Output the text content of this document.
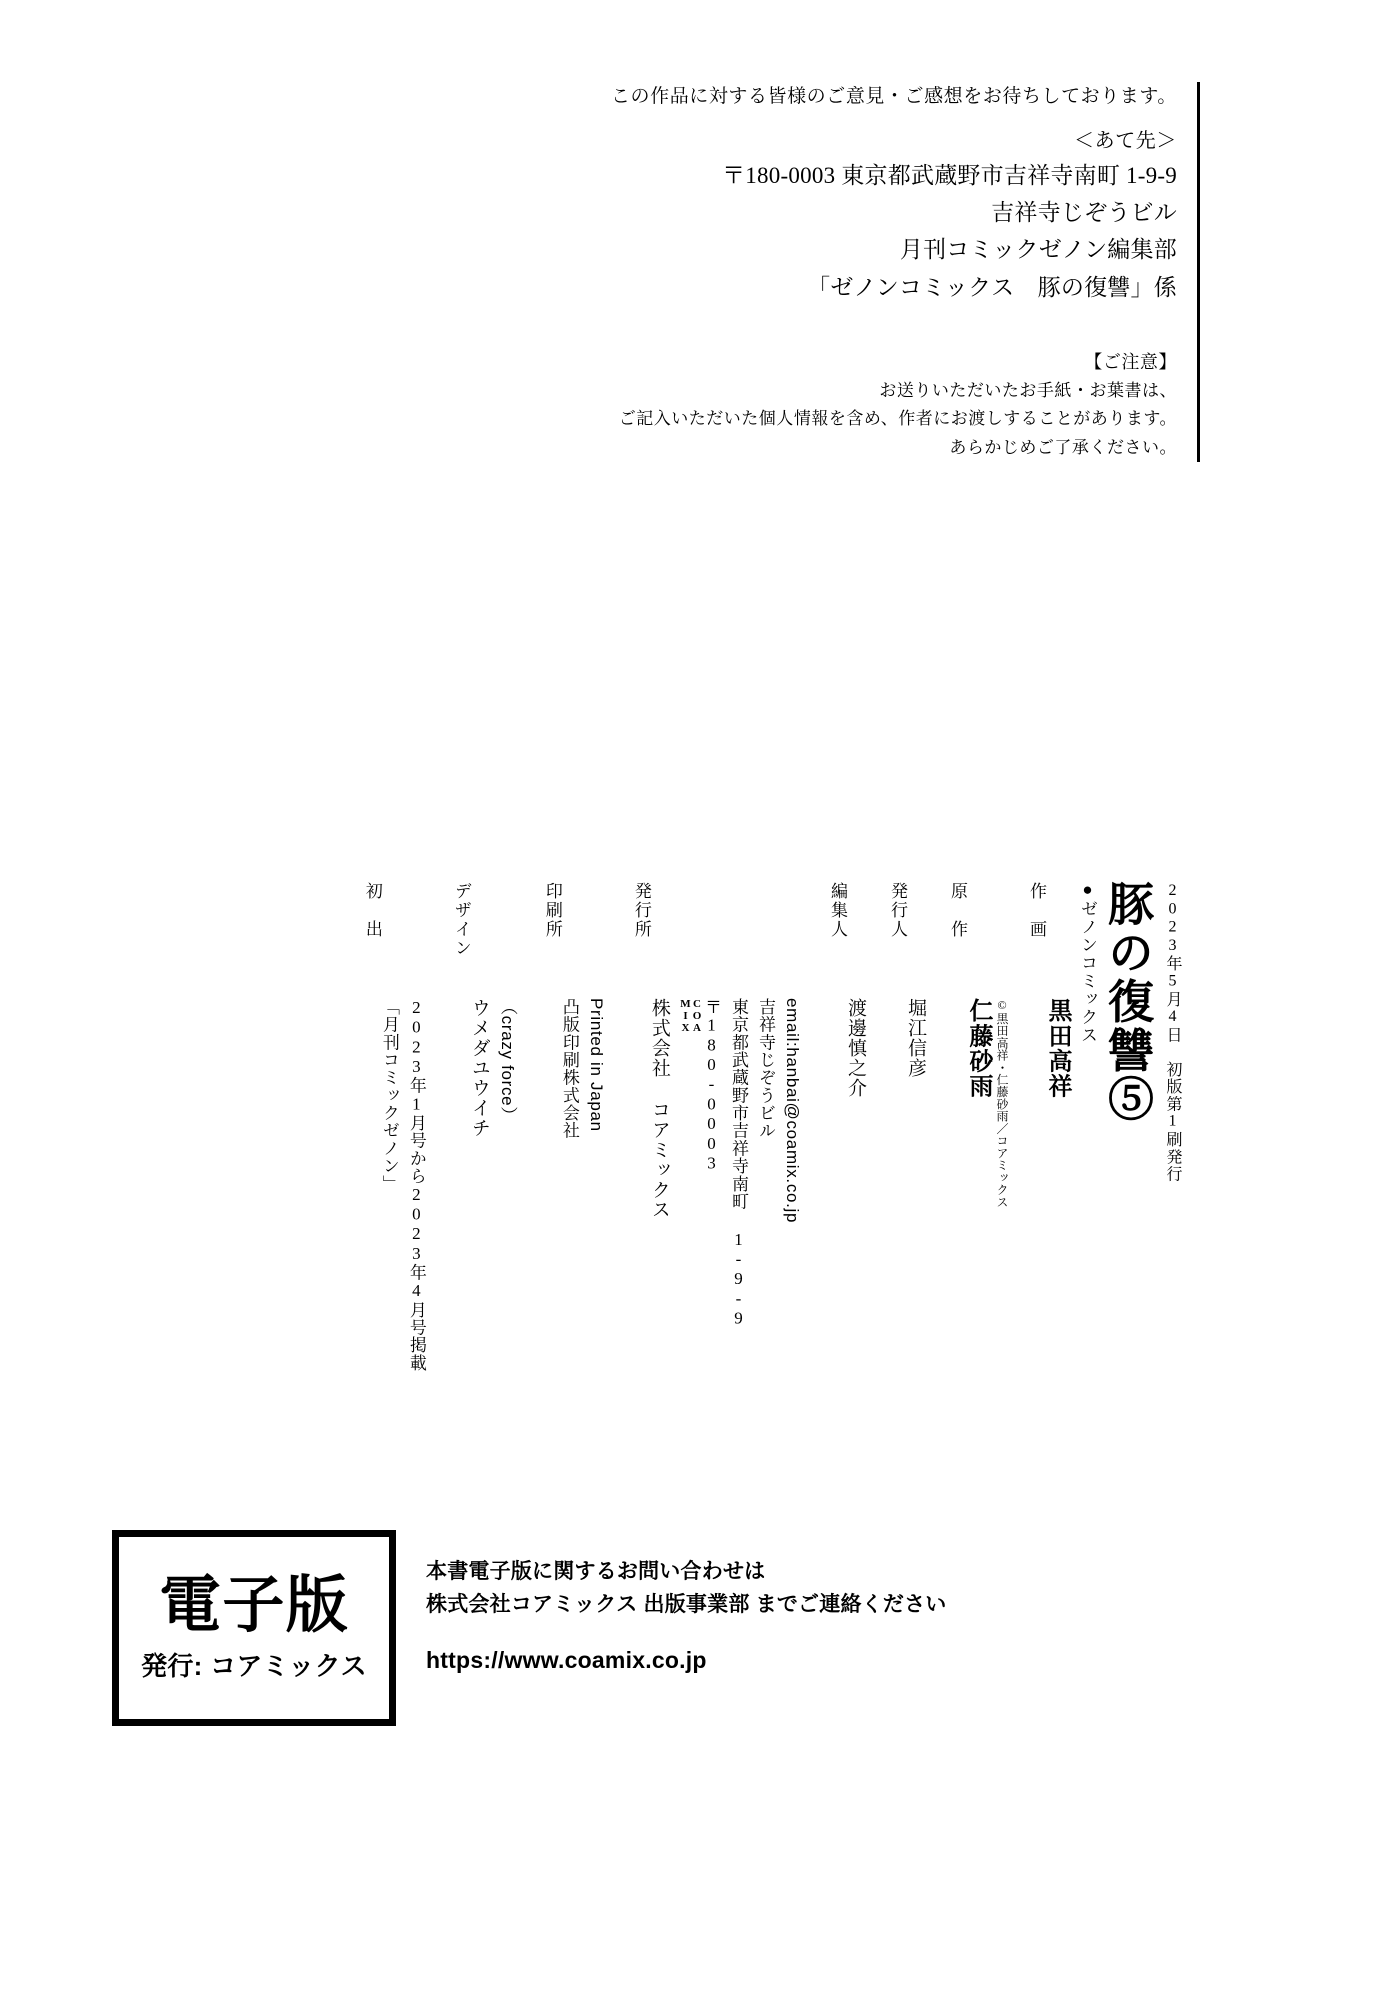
この作品に対する皆様のご意見・ご感想をお待ちしております。
＜あて先＞
〒180-0003 東京都武蔵野市吉祥寺南町 1-9-9
吉祥寺じぞうビル
月刊コミックゼノン編集部
「ゼノンコミックス　豚の復讐」係
【ご注意】
お送りいただいたお手紙・お葉書は、
ご記入いただいた個人情報を含め、作者にお渡しすることがあります。
あらかじめご了承ください。
●ゼノンコミックス 豚の復讐⑤ 2023年5月4日　初版第1刷発行
作　画
黒田高祥
原　作
仁藤砂雨 ©黒田高祥・仁藤砂雨／コアミックス
発行人
堀江信彦
編集人
渡邊慎之介
発行所
株式会社 コアミックス	COA
MIX 〒180-0003 東京都武蔵野市吉祥寺南町 1-9-9 吉祥寺じぞうビル email:hanbai@coamix.co.jp
印刷所
凸版印刷株式会社 Printed in Japan
デザイン
ウメダユウイチ （crazy force）
初　出
「月刊コミックゼノン」 2023年1月号から2023年4月号掲載
電子版
発行: コアミックス
本書電子版に関するお問い合わせは
株式会社コアミックス 出版事業部 までご連絡ください
https://www.coamix.co.jp
